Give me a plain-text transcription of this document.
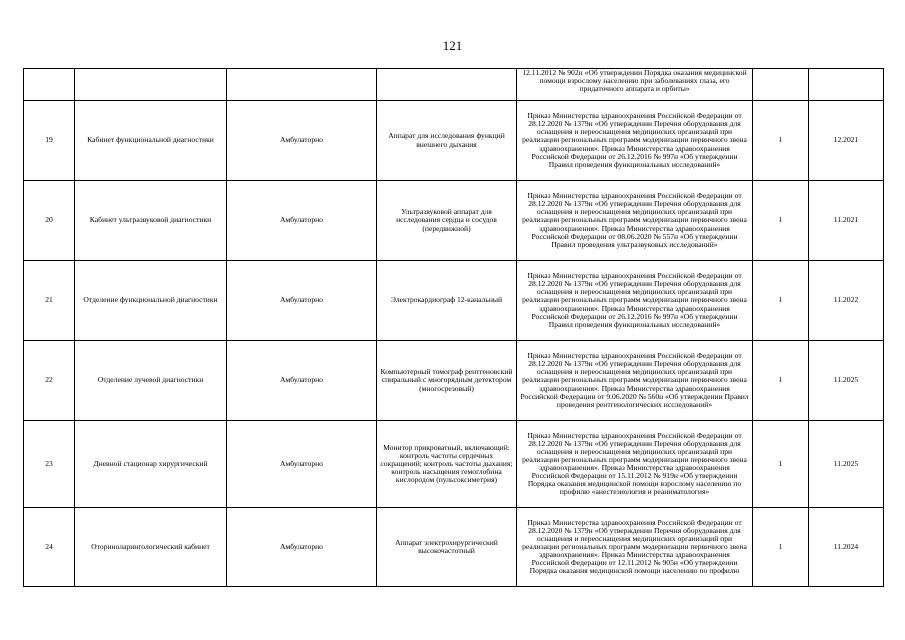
121

				12.11.2012 № 902н «Об утверждении Порядка оказания медицинской помощи взрослому населению при заболеваниях глаза, его придаточного аппарата и орбиты»		

19	Кабинет функциональной диагностики	Амбулаторно	Аппарат для исследования функций внешнего дыхания	Приказ Министерства здравоохранения Российской Федерации от 28.12.2020 № 1379н «Об утверждении Перечня оборудования для оснащения и переоснащения медицинских организаций при реализации региональных программ модернизации первичного звена здравоохранения». Приказ Министерства здравоохранения Российской Федерации от 26.12.2016 № 997н «Об утверждении Правил проведения функциональных исследований»	1	12.2021
20	Кабинет ультразвуковой диагностики	Амбулаторно	Ультразвуковой аппарат для исследования сердца и сосудов (передвижной)	Приказ Министерства здравоохранения Российской Федерации от 28.12.2020 № 1379н «Об утверждении Перечня оборудования для оснащения и переоснащения медицинских организаций при реализации региональных программ модернизации первичного звена здравоохранения». Приказ Министерства здравоохранения Российской Федерации от 08.06.2020 № 557н «Об утверждении Правил проведения ультразвуковых исследований»	1	11.2021
21	Отделение функциональной диагностики	Амбулаторно	Электрокардиограф 12-канальный	Приказ Министерства здравоохранения Российской Федерации от 28.12.2020 № 1379н «Об утверждении Перечня оборудования для оснащения и переоснащения медицинских организаций при реализации региональных программ модернизации первичного звена здравоохранения». Приказ Министерства здравоохранения Российской Федерации от 26.12.2016 № 997н «Об утверждении Правил проведения функциональных исследований»	1	11.2022
22	Отделение лучевой диагностики	Амбулаторно	Компьютерный томограф рентгеновский спиральный с многорядным детектором (многосрезовый)	Приказ Министерства здравоохранения Российской Федерации от 28.12.2020 № 1379н «Об утверждении Перечня оборудования для оснащения и переоснащения медицинских организаций при реализации региональных программ модернизации первичного звена здравоохранения». Приказ Министерства здравоохранения Российской Федерации от 9.06.2020 № 560н «Об утверждении Правил проведения рентгенологических исследований»	1	11.2025
23	Дневной стационар хирургический	Амбулаторно	Монитор прикроватный, включающий: контроль частоты сердечных сокращений; контроль частоты дыхания; контроль насыщения гемоглобина кислородом (пульсоксиметрия)	Приказ Министерства здравоохранения Российской Федерации от 28.12.2020 № 1379н «Об утверждении Перечня оборудования для оснащения и переоснащения медицинских организаций при реализации региональных программ модернизации первичного звена здравоохранения». Приказ Министерства здравоохранения Российской Федерации от 15.11.2012 № 919н «Об утверждении Порядка оказания медицинской помощи взрослому населению по профилю «анестезиология и реаниматология»	1	11.2025
24	Оториноларингологический кабинет	Амбулаторно	Аппарат электрохирургический высокочастотный	Приказ Министерства здравоохранения Российской Федерации от 28.12.2020 № 1379н «Об утверждении Перечня оборудования для оснащения и переоснащения медицинских организаций при реализации региональных программ модернизации первичного звена здравоохранения». Приказ Министерства здравоохранения Российской Федерации от 12.11.2012 № 905н «Об утверждении Порядка оказания медицинской помощи населению по профилю	1	11.2024
